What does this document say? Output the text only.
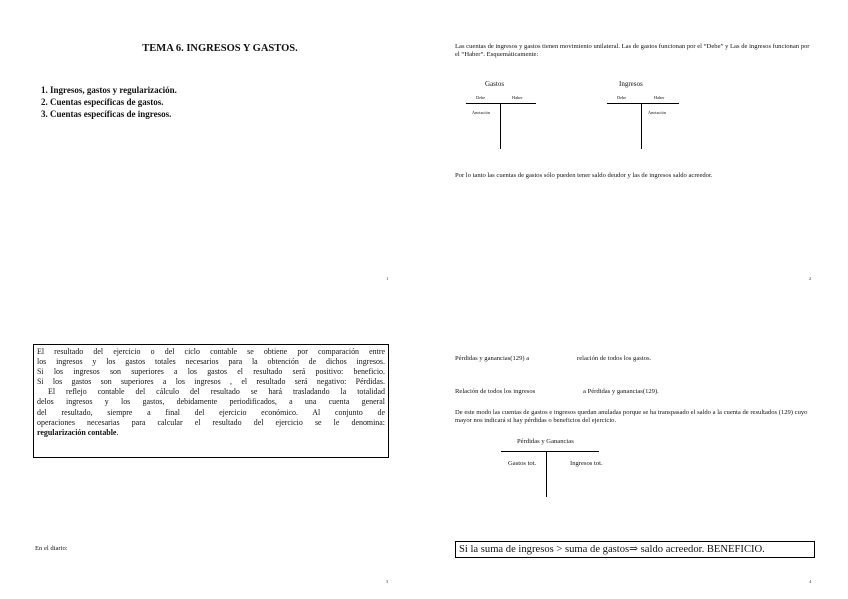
TEMA 6. INGRESOS Y GASTOS.
1. Ingresos, gastos y regularización.
2. Cuentas específicas de gastos.
3. Cuentas específicas de ingresos.
1
Las cuentas de ingresos y gastos tienen movimiento unilateral. Las de gastos funcionan por el “Debe” y Las de ingresos funcionan por el “Haber”. Esquemáticamente:
Gastos
Debe	Haber
Anotación
Ingresos
Debe	Haber
Anotación
Por lo tanto las cuentas de gastos sólo pueden tener saldo deudor y las de ingresos saldo acreedor.
2
El resultado del ejercicio o del ciclo contable se obtiene por comparación entre
los ingresos y los gastos totales necesarios para la obtención de dichos ingresos.
Si los ingresos son superiores a los gastos el resultado será positivo: beneficio.
Si los gastos son superiores a los ingresos , el resultado será negativo: Pérdidas.
El reflejo contable del cálculo del resultado se hará trasladando la totalidad
delos ingresos y los gastos, debidamente periodificados, a una cuenta general
del resultado, siempre a final del ejercicio económico. Al conjunto de
operaciones necesarias para calcular el resultado del ejercicio se le denomina:
regularización contable.
En el diario:
3
Pérdidas y ganancias(129) a	relación de todos los gastos.
Relación de todos los ingresos	a Pérdidas y ganancias(129).
De este modo las cuentas de gastos e ingresos quedan anuladas porque se ha transpasado el saldo a la cuenta de resultados (129) cuyo mayor nos indicará si hay pérdidas o beneficios del ejercicio.
Pérdidas y Ganancias
Gastos tot.	Ingresos tot.
Si la suma de ingresos > suma de gastos⇒ saldo acreedor. BENEFICIO.
4
